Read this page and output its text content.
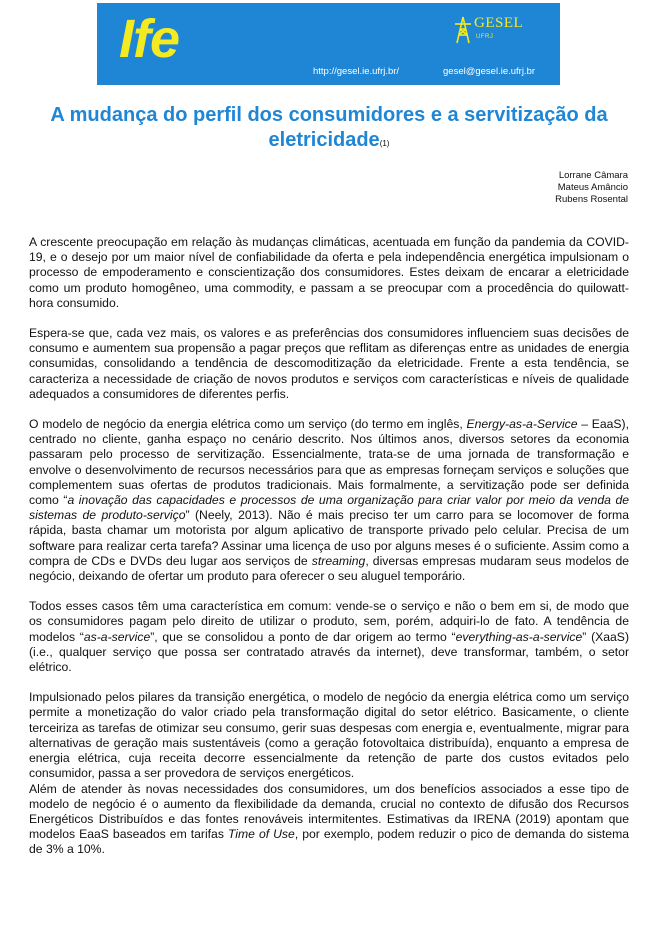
Ife	GESEL
UFRJ
http://gesel.ie.ufrj.br/	gesel@gesel.ie.ufrj.br
A mudança do perfil dos consumidores e a servitização da eletricidade(1)
Lorrane Câmara
Mateus Amâncio
Rubens Rosental

A crescente preocupação em relação às mudanças climáticas, acentuada em função da pandemia da COVID-19, e o desejo por um maior nível de confiabilidade da oferta e pela independência energética impulsionam o processo de empoderamento e conscientização dos consumidores. Estes deixam de encarar a eletricidade como um produto homogêneo, uma commodity, e passam a se preocupar com a procedência do quilowatt-hora consumido.

Espera-se que, cada vez mais, os valores e as preferências dos consumidores influenciem suas decisões de consumo e aumentem sua propensão a pagar preços que reflitam as diferenças entre as unidades de energia consumidas, consolidando a tendência de descomoditização da eletricidade. Frente a esta tendência, se caracteriza a necessidade de criação de novos produtos e serviços com características e níveis de qualidade adequados a consumidores de diferentes perfis.

O modelo de negócio da energia elétrica como um serviço (do termo em inglês, Energy-as-a-Service – EaaS), centrado no cliente, ganha espaço no cenário descrito. Nos últimos anos, diversos setores da economia passaram pelo processo de servitização. Essencialmente, trata-se de uma jornada de transformação e envolve o desenvolvimento de recursos necessários para que as empresas forneçam serviços e soluções que complementem suas ofertas de produtos tradicionais. Mais formalmente, a servitização pode ser definida como “a inovação das capacidades e processos de uma organização para criar valor por meio da venda de sistemas de produto-serviço” (Neely, 2013). Não é mais preciso ter um carro para se locomover de forma rápida, basta chamar um motorista por algum aplicativo de transporte privado pelo celular. Precisa de um software para realizar certa tarefa? Assinar uma licença de uso por alguns meses é o suficiente. Assim como a compra de CDs e DVDs deu lugar aos serviços de streaming, diversas empresas mudaram seus modelos de negócio, deixando de ofertar um produto para oferecer o seu aluguel temporário.

Todos esses casos têm uma característica em comum: vende-se o serviço e não o bem em si, de modo que os consumidores pagam pelo direito de utilizar o produto, sem, porém, adquiri-lo de fato. A tendência de modelos “as-a-service”, que se consolidou a ponto de dar origem ao termo “everything-as-a-service” (XaaS) (i.e., qualquer serviço que possa ser contratado através da internet), deve transformar, também, o setor elétrico.

Impulsionado pelos pilares da transição energética, o modelo de negócio da energia elétrica como um serviço permite a monetização do valor criado pela transformação digital do setor elétrico. Basicamente, o cliente terceiriza as tarefas de otimizar seu consumo, gerir suas despesas com energia e, eventualmente, migrar para alternativas de geração mais sustentáveis (como a geração fotovoltaica distribuída), enquanto a empresa de energia elétrica, cuja receita decorre essencialmente da retenção de parte dos custos evitados pelo consumidor, passa a ser provedora de serviços energéticos.

Além de atender às novas necessidades dos consumidores, um dos benefícios associados a esse tipo de modelo de negócio é o aumento da flexibilidade da demanda, crucial no contexto de difusão dos Recursos Energéticos Distribuídos e das fontes renováveis intermitentes. Estimativas da IRENA (2019) apontam que modelos EaaS baseados em tarifas Time of Use, por exemplo, podem reduzir o pico de demanda do sistema de 3% a 10%.
